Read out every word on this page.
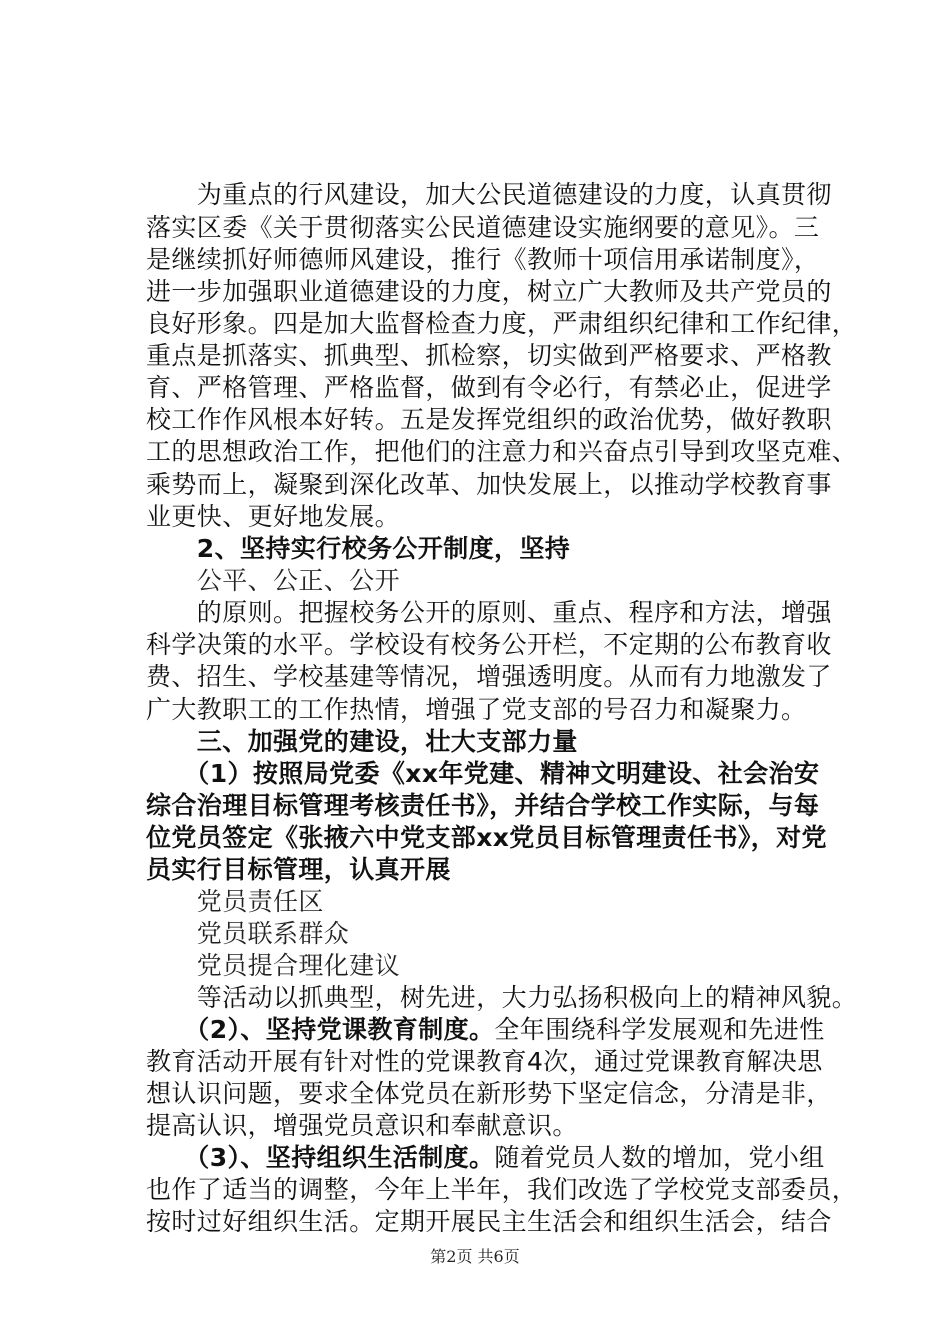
　　为重点的行风建设，加大公民道德建设的力度，认真贯彻
落实区委《关于贯彻落实公民道德建设实施纲要的意见》。三
是继续抓好师德师风建设，推行《教师十项信用承诺制度》，
进一步加强职业道德建设的力度，树立广大教师及共产党员的
良好形象。四是加大监督检查力度，严肃组织纪律和工作纪律，
重点是抓落实、抓典型、抓检察，切实做到严格要求、严格教
育、严格管理、严格监督，做到有令必行，有禁必止，促进学
校工作作风根本好转。五是发挥党组织的政治优势，做好教职
工的思想政治工作，把他们的注意力和兴奋点引导到攻坚克难、
乘势而上，凝聚到深化改革、加快发展上，以推动学校教育事
业更快、更好地发展。
　　2、坚持实行校务公开制度，坚持
　　公平、公正、公开
　　的原则。把握校务公开的原则、重点、程序和方法，增强
科学决策的水平。学校设有校务公开栏，不定期的公布教育收
费、招生、学校基建等情况，增强透明度。从而有力地激发了
广大教职工的工作热情，增强了党支部的号召力和凝聚力。
　　三、加强党的建设，壮大支部力量
　　（1）按照局党委《xx年党建、精神文明建设、社会治安
综合治理目标管理考核责任书》，并结合学校工作实际，与每
位党员签定《张掖六中党支部xx党员目标管理责任书》，对党
员实行目标管理，认真开展
　　党员责任区
　　党员联系群众
　　党员提合理化建议
　　等活动以抓典型，树先进，大力弘扬积极向上的精神风貌。
　　（2）、坚持党课教育制度。全年围绕科学发展观和先进性
教育活动开展有针对性的党课教育4次，通过党课教育解决思
想认识问题，要求全体党员在新形势下坚定信念，分清是非，
提高认识，增强党员意识和奉献意识。
　　（3）、坚持组织生活制度。随着党员人数的增加，党小组
也作了适当的调整，今年上半年，我们改选了学校党支部委员，
按时过好组织生活。定期开展民主生活会和组织生活会，结合
第2页 共6页
